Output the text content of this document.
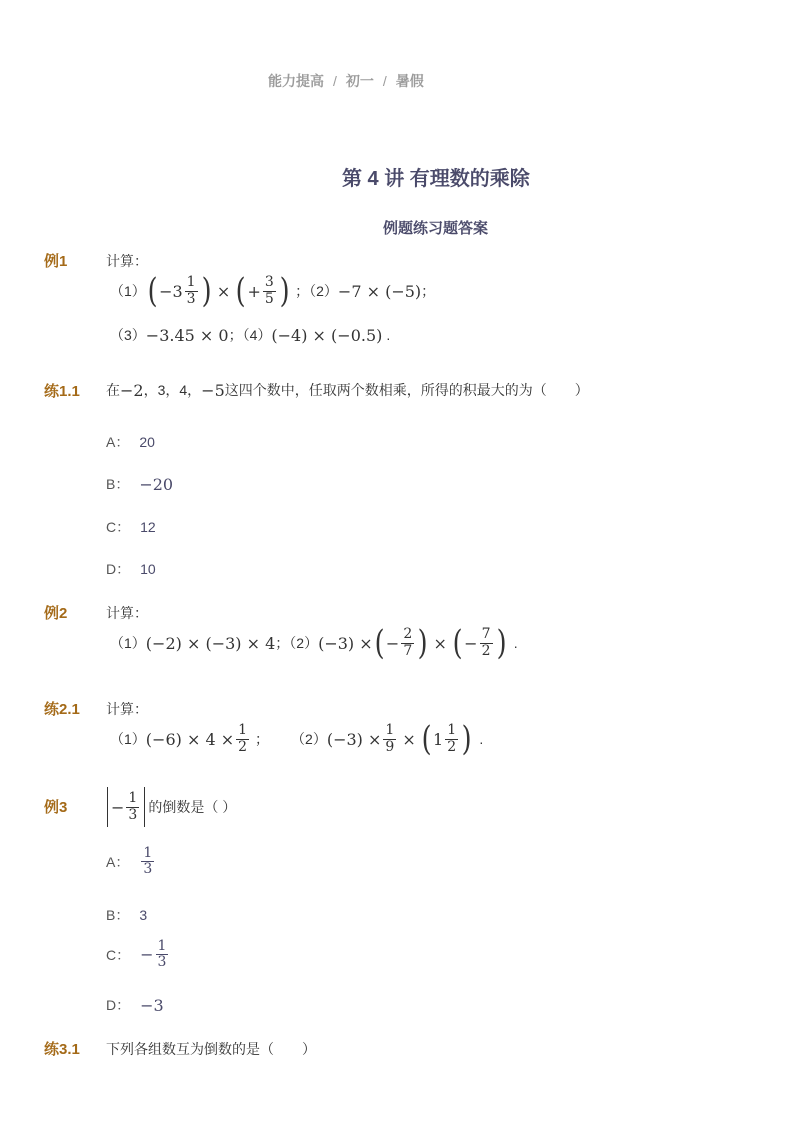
能力提高 / 初一 / 暑假
第 4 讲 有理数的乘除
例题练习题答案
例1	计算：
（1） ( $-3 \frac{1}{3}$ ) × ( + $\frac{3}{5}$ ) ；（2） −7 × (−5) ；
（3） −3.45 × 0 ；（4） (−4) × (−0.5) .
练1.1 在 −2 ，3，4， −5 这四个数中，任取两个数相乘，所得的积最大的为（　　）
A： 20
B： −20
C： 12
D： 10
例2	计算：
（1） (−2) × (−3) × 4 ；（2） (−3) × ( − $\frac{2}{7}$ ) × ( − $\frac{7}{2}$ ) .
练2.1 计算：
（1） $(-6) \times 4 \times \frac{1}{2}$ ； （2） $(-3) \times \frac{1}{9}$ × ( $1 \frac{1}{2}$ ) .
例3	− $\frac{1}{3}$ 的倒数是（ ）
A： $\frac{1}{3}$
B： 3
C： − $\frac{1}{3}$
D： −3
练3.1 下列各组数互为倒数的是（　　）
